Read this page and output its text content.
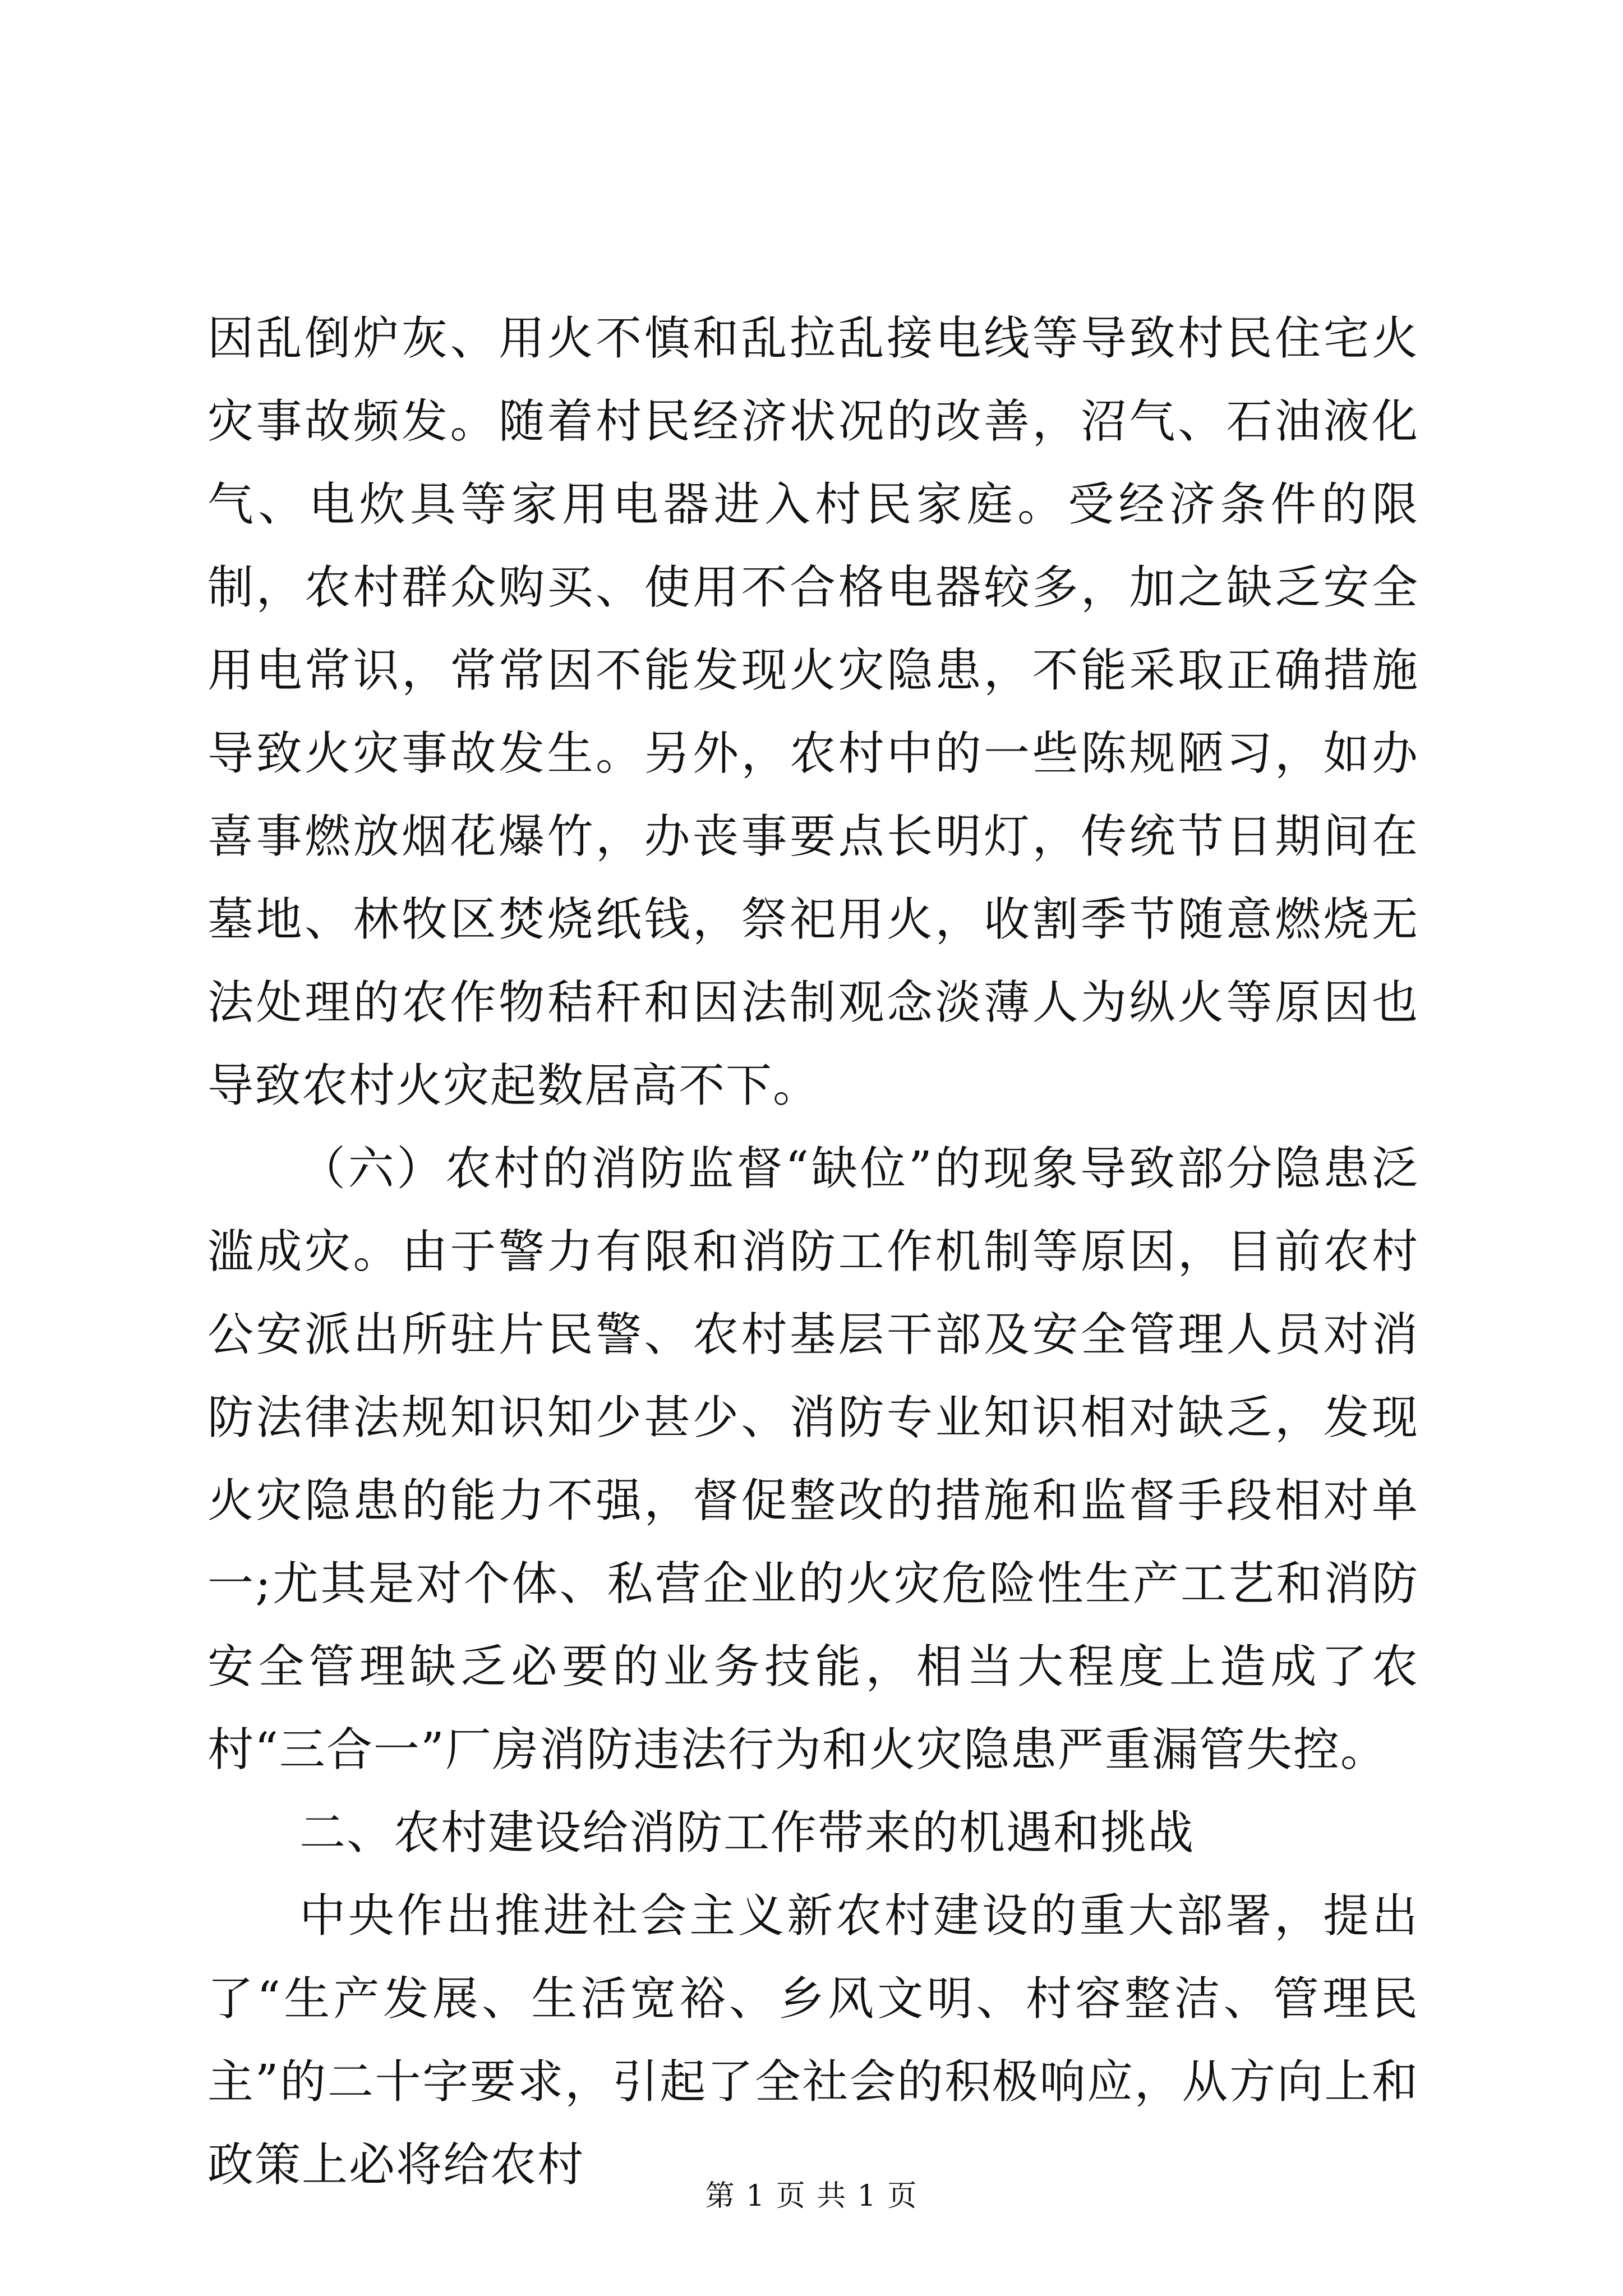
因乱倒炉灰、用火不慎和乱拉乱接电线等导致村民住宅火灾事故频发。随着村民经济状况的改善，沼气、石油液化气、电炊具等家用电器进入村民家庭。受经济条件的限制，农村群众购买、使用不合格电器较多，加之缺乏安全用电常识，常常因不能发现火灾隐患，不能采取正确措施导致火灾事故发生。另外，农村中的一些陈规陋习，如办喜事燃放烟花爆竹，办丧事要点长明灯，传统节日期间在墓地、林牧区焚烧纸钱，祭祀用火，收割季节随意燃烧无法处理的农作物秸秆和因法制观念淡薄人为纵火等原因也导致农村火灾起数居高不下。

（六）农村的消防监督“缺位”的现象导致部分隐患泛滥成灾。由于警力有限和消防工作机制等原因，目前农村公安派出所驻片民警、农村基层干部及安全管理人员对消防法律法规知识知少甚少、消防专业知识相对缺乏，发现火灾隐患的能力不强，督促整改的措施和监督手段相对单一;尤其是对个体、私营企业的火灾危险性生产工艺和消防安全管理缺乏必要的业务技能，相当大程度上造成了农村“三合一”厂房消防违法行为和火灾隐患严重漏管失控。

二、农村建设给消防工作带来的机遇和挑战

中央作出推进社会主义新农村建设的重大部署，提出了“生产发展、生活宽裕、乡风文明、村容整洁、管理民主”的二十字要求，引起了全社会的积极响应，从方向上和政策上必将给农村

第 1 页 共 1 页
